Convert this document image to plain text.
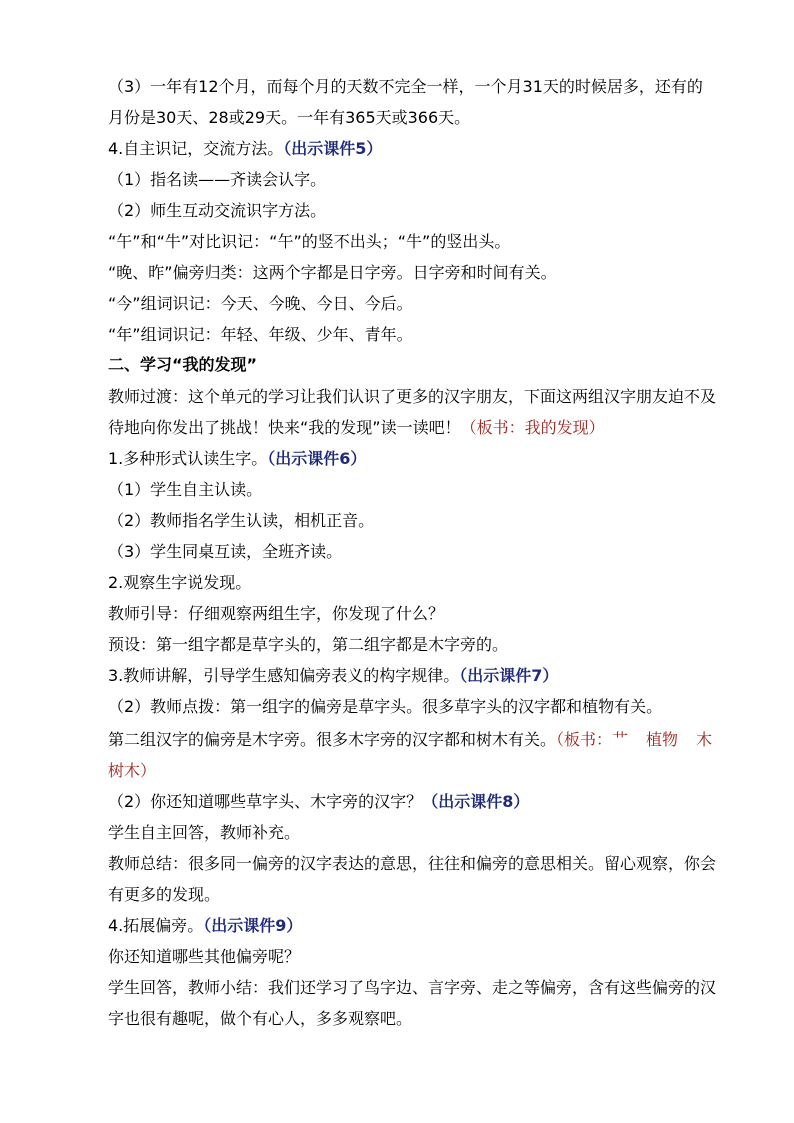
（3）一年有12个月，而每个月的天数不完全一样，一个月31天的时候居多，还有的
月份是30天、28或29天。一年有365天或366天。
4.自主识记，交流方法。（出示课件5）
（1）指名读——齐读会认字。
（2）师生互动交流识字方法。
“午”和“牛”对比识记：“午”的竖不出头；“牛”的竖出头。
“晚、昨”偏旁归类：这两个字都是日字旁。日字旁和时间有关。
“今”组词识记：今天、今晚、今日、今后。
“年”组词识记：年轻、年级、少年、青年。
二、学习“我的发现”
教师过渡：这个单元的学习让我们认识了更多的汉字朋友，下面这两组汉字朋友迫不及
待地向你发出了挑战！快来“我的发现”读一读吧！（板书：我的发现）
1.多种形式认读生字。（出示课件6）
（1）学生自主认读。
（2）教师指名学生认读，相机正音。
（3）学生同桌互读，全班齐读。
2.观察生字说发现。
教师引导：仔细观察两组生字，你发现了什么？
预设：第一组字都是草字头的，第二组字都是木字旁的。
3.教师讲解，引导学生感知偏旁表义的构字规律。（出示课件7）
（2）教师点拨：第一组字的偏旁是草字头。很多草字头的汉字都和植物有关。
第二组汉字的偏旁是木字旁。很多木字旁的汉字都和树木有关。（板书：艹 植物 木
树木）
（2）你还知道哪些草字头、木字旁的汉字？（出示课件8）
学生自主回答，教师补充。
教师总结：很多同一偏旁的汉字表达的意思，往往和偏旁的意思相关。留心观察，你会
有更多的发现。
4.拓展偏旁。（出示课件9）
你还知道哪些其他偏旁呢？
学生回答，教师小结：我们还学习了鸟字边、言字旁、走之等偏旁，含有这些偏旁的汉
字也很有趣呢，做个有心人，多多观察吧。
